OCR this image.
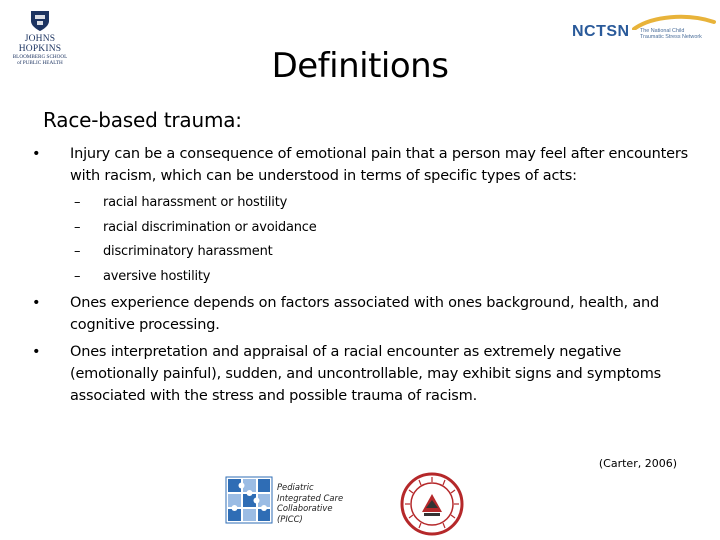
JOHNS HOPKINS
BLOOMBERG SCHOOL
of PUBLIC HEALTH
NCTSN The National Child
Traumatic Stress Network
Definitions
Race-based trauma:
• Injury can be a consequence of emotional pain that a person may feel after encounters with racism, which can be understood in terms of specific types of acts:
– racial harassment or hostility
– racial discrimination or avoidance
– discriminatory harassment
– aversive hostility
• Ones experience depends on factors associated with ones background, health, and cognitive processing.
• Ones interpretation and appraisal of a racial encounter as extremely negative (emotionally painful), sudden, and uncontrollable, may exhibit signs and symptoms associated with the stress and possible trauma of racism.
(Carter, 2006)
Pediatric
Integrated Care
Collaborative
(PICC)
